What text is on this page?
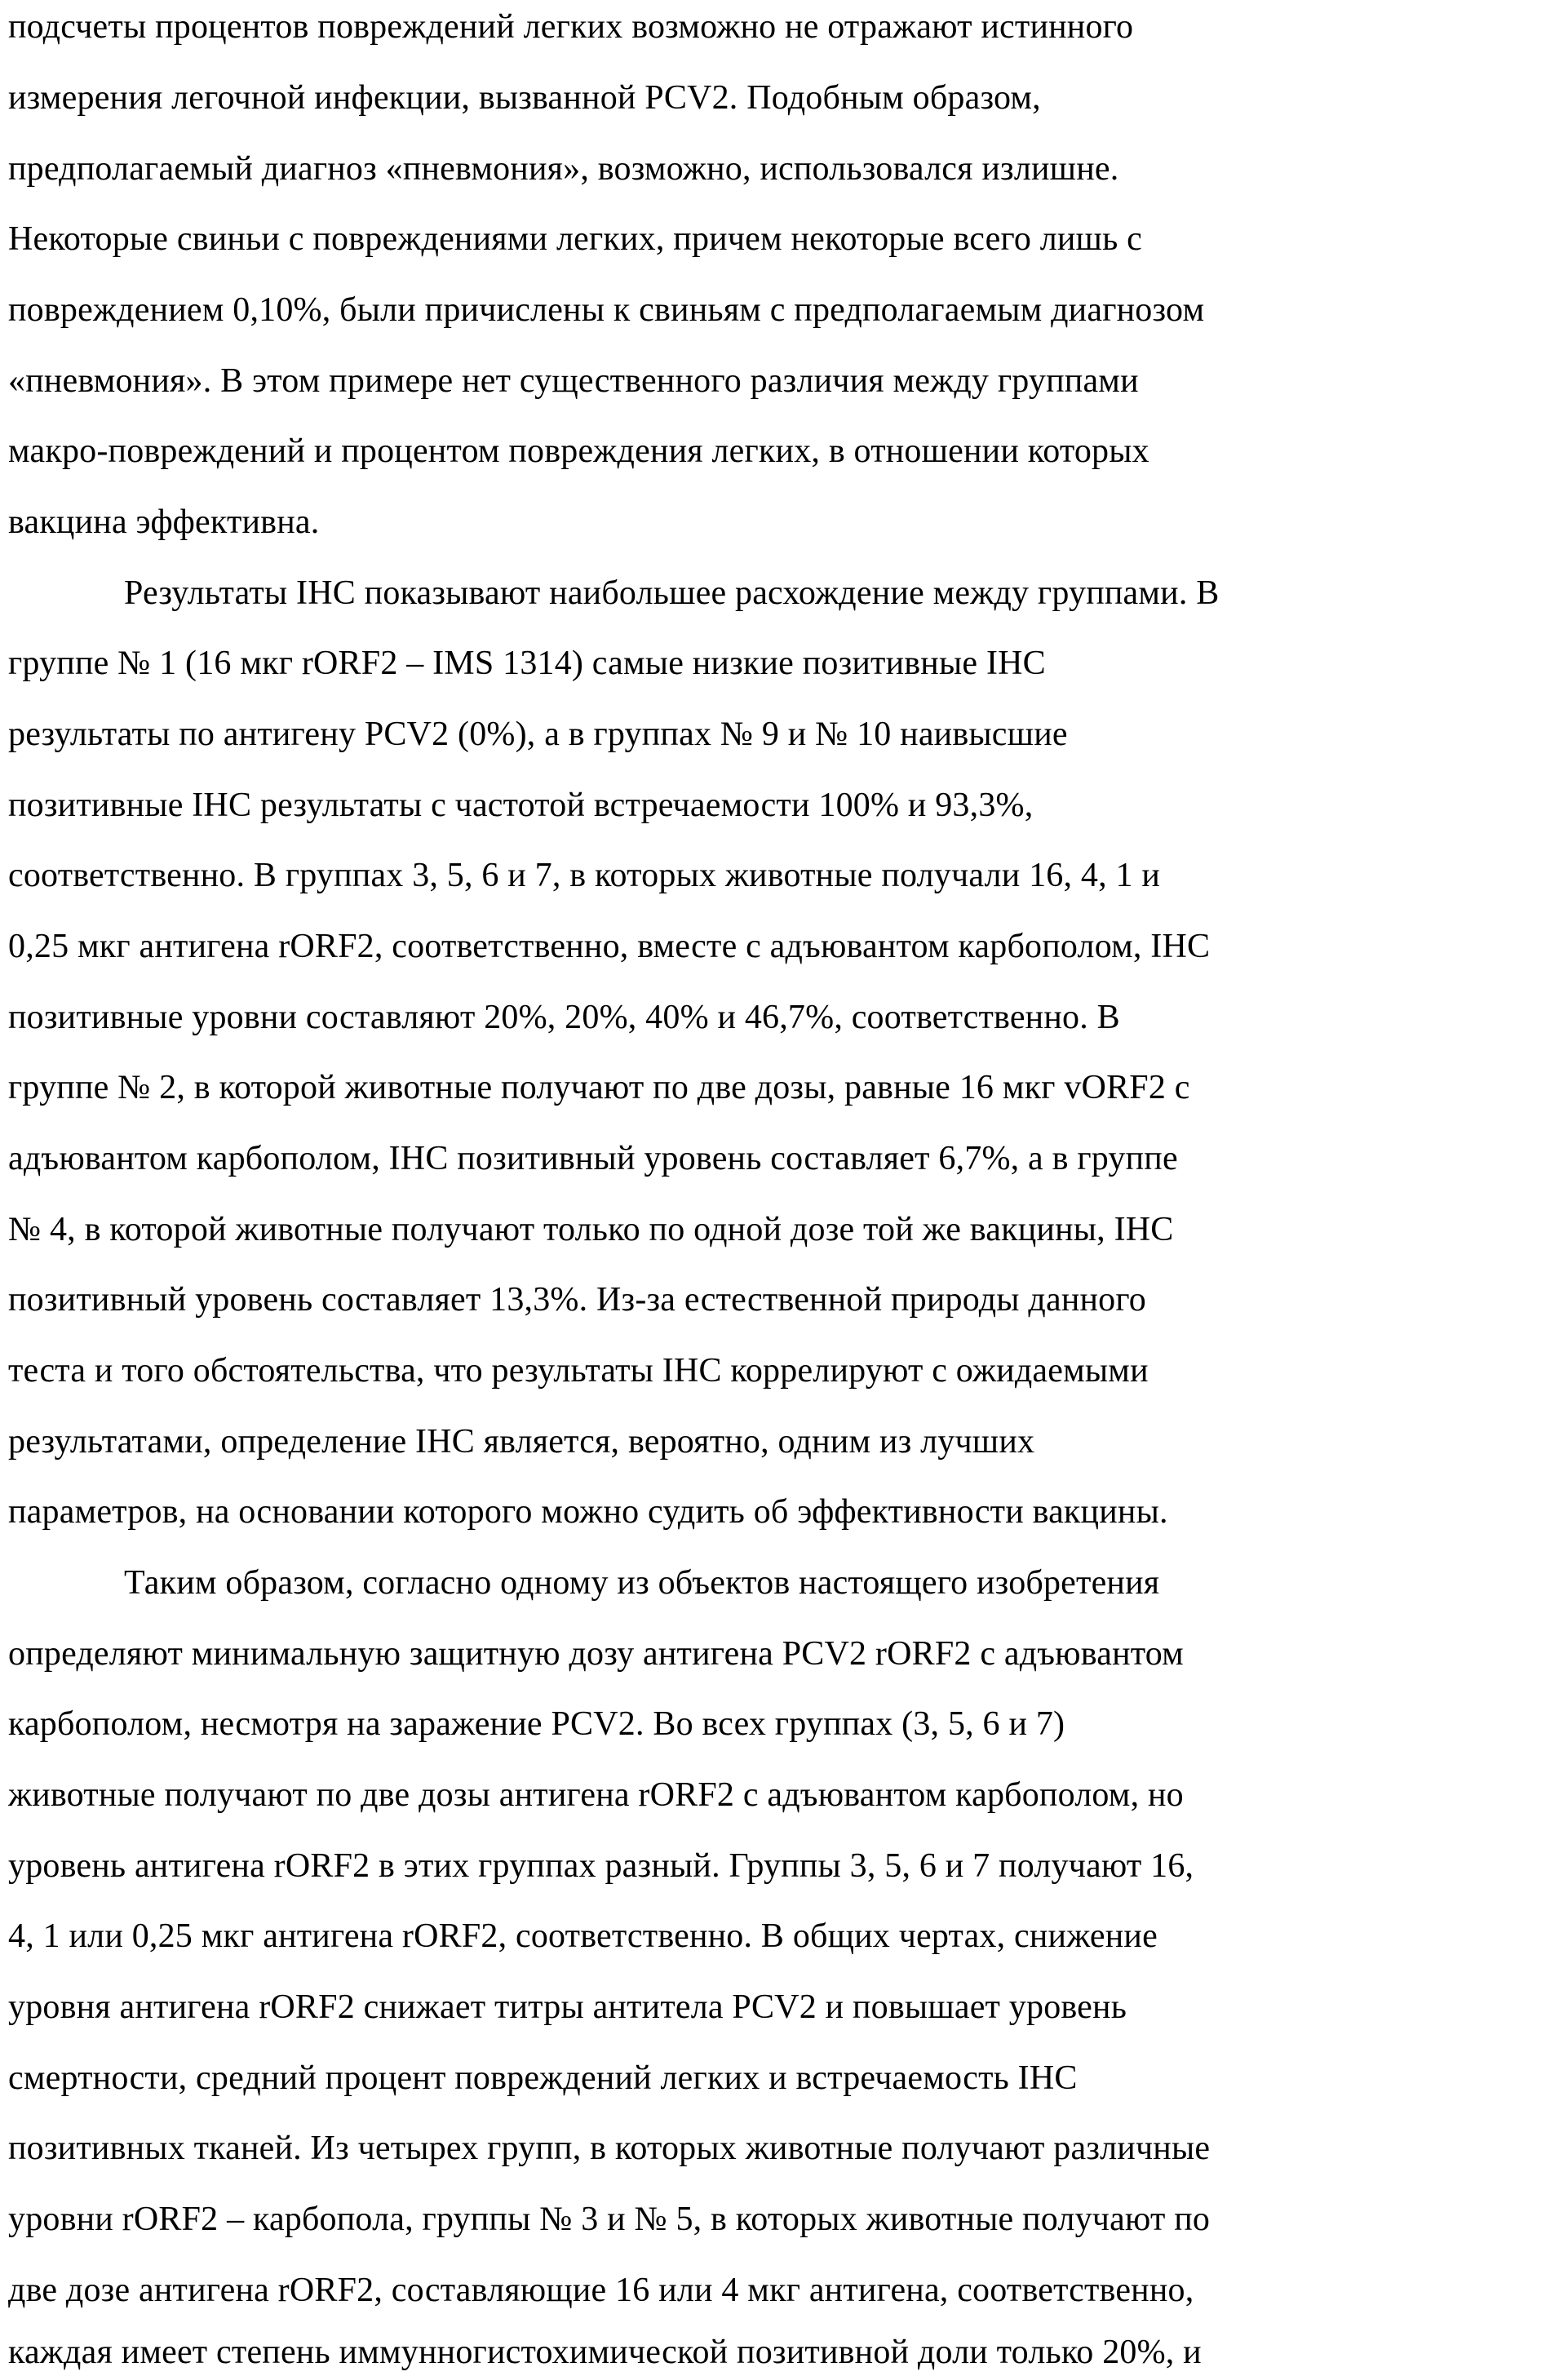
подсчеты процентов повреждений легких возможно не отражают истинного
измерения легочной инфекции, вызванной PCV2. Подобным образом,
предполагаемый диагноз «пневмония», возможно, использовался излишне.
Некоторые свиньи с повреждениями легких, причем некоторые всего лишь с
повреждением 0,10%, были причислены к свиньям с предполагаемым диагнозом
«пневмония». В этом примере нет существенного различия между группами
макро-повреждений и процентом повреждения легких, в отношении которых
вакцина эффективна.
Результаты IHC показывают наибольшее расхождение между группами. В
группе № 1 (16 мкг rORF2 – IMS 1314) самые низкие позитивные IHC
результаты по антигену PCV2 (0%), а в группах № 9 и № 10 наивысшие
позитивные IHC результаты с частотой встречаемости 100% и 93,3%,
соответственно. В группах 3, 5, 6 и 7, в которых животные получали 16, 4, 1 и
0,25 мкг антигена rORF2, соответственно, вместе с адъювантом карбополом, IHC
позитивные уровни составляют 20%, 20%, 40% и 46,7%, соответственно. В
группе № 2, в которой животные получают по две дозы, равные 16 мкг vORF2 с
адъювантом карбополом, IHC позитивный уровень составляет 6,7%, а в группе
№ 4, в которой животные получают только по одной дозе той же вакцины, IHC
позитивный уровень составляет 13,3%. Из-за естественной природы данного
теста и того обстоятельства, что результаты IHC коррелируют с ожидаемыми
результатами, определение IHC является, вероятно, одним из лучших
параметров, на основании которого можно судить об эффективности вакцины.
Таким образом, согласно одному из объектов настоящего изобретения
определяют минимальную защитную дозу антигена PCV2 rORF2 с адъювантом
карбополом, несмотря на заражение PCV2. Во всех группах (3, 5, 6 и 7)
животные получают по две дозы антигена rORF2 с адъювантом карбополом, но
уровень антигена rORF2 в этих группах разный. Группы 3, 5, 6 и 7 получают 16,
4, 1 или 0,25 мкг антигена rORF2, соответственно. В общих чертах, снижение
уровня антигена rORF2 снижает титры антитела PCV2 и повышает уровень
смертности, средний процент повреждений легких и встречаемость IHC
позитивных тканей. Из четырех групп, в которых животные получают различные
уровни rORF2 – карбопола, группы № 3 и № 5, в которых животные получают по
две дозе антигена rORF2, составляющие 16 или 4 мкг антигена, соответственно,
каждая имеет степень иммунногистохимической позитивной доли только 20%, и
